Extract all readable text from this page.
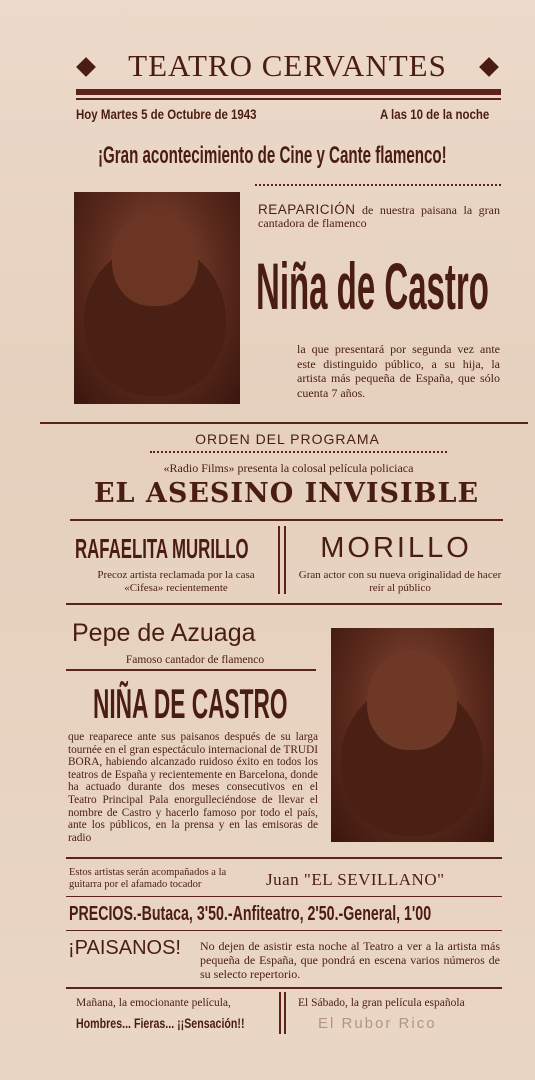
TEATRO CERVANTES
Hoy Martes 5 de Octubre de 1943	A las 10 de la noche
¡Gran acontecimiento de Cine y Cante flamenco!
REAPARICIÓN de nuestra paisana la gran cantadora de flamenco
Niña de Castro
la que presentará por segunda vez ante este distinguido público, a su hija, la artista más pequeña de España, que sólo cuenta 7 años.
ORDEN DEL PROGRAMA
«Radio Films» presenta la colosal película policiaca
EL ASESINO INVISIBLE
RAFAELITA MURILLO
Precoz artista reclamada por la casa «Cifesa» recientemente
MORILLO
Gran actor con su nueva originalidad de hacer reír al público
Pepe de Azuaga
Famoso cantador de flamenco
NIÑA DE CASTRO
que reaparece ante sus paisanos después de su larga tournée en el gran espectáculo internacional de TRUDI BORA, habiendo alcanzado ruidoso éxito en todos los teatros de España y recientemente en Barcelona, donde ha actuado durante dos meses consecutivos en el Teatro Principal Pala enorgulleciéndose de llevar el nombre de Castro y hacerlo famoso por todo el país, ante los públicos, en la prensa y en las emisoras de radio
Estos artistas serán acompañados a la guitarra por el afamado tocador	Juan "EL SEVILLANO"
PRECIOS.-Butaca, 3'50.-Anfiteatro, 2'50.-General, 1'00
¡PAISANOS! No dejen de asistir esta noche al Teatro a ver a la artista más pequeña de España, que pondrá en escena varios números de su selecto repertorio.
Mañana, la emocionante película,
Hombres... Fieras... ¡¡Sensación!!
El Sábado, la gran película española
El Rubor Rico
